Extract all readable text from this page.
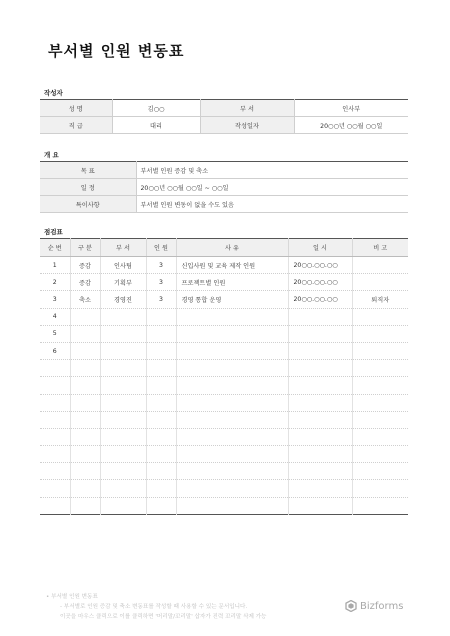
부서별 인원 변동표
작성자
성 명	김○○	부 서	인사부
직 급	대리	작성일자	20○○년 ○○월 ○○일
개 요
목 표	부서별 인원 증감 및 축소
일 정	20○○년 ○○월 ○○일 ~ ○○일
특이사항	부서별 인원 변동이 없을 수도 있음
점검표
순 번	구 분	부 서	인 원	사 유	일 시	비 고
1	증감	인사팀	3	신입사원 및 교육 제작 인원	20○○.○○.○○	
2	증감	기획부	3	프로젝트별 인원	20○○.○○.○○	
3	축소	경영진	3	경영 통합 운영	20○○.○○.○○	퇴직자
4						
5						
6						

• 부서별 인원 변동표
- 부서별로 인원 증감 및 축소 변동표를 작성할 때 사용할 수 있는 문서입니다.
이곳을 마우스 클릭으로 이를 클릭하면 '머리말/꼬리말' 삽자가 진력 꼬리말 삭제 가능
Bizforms
